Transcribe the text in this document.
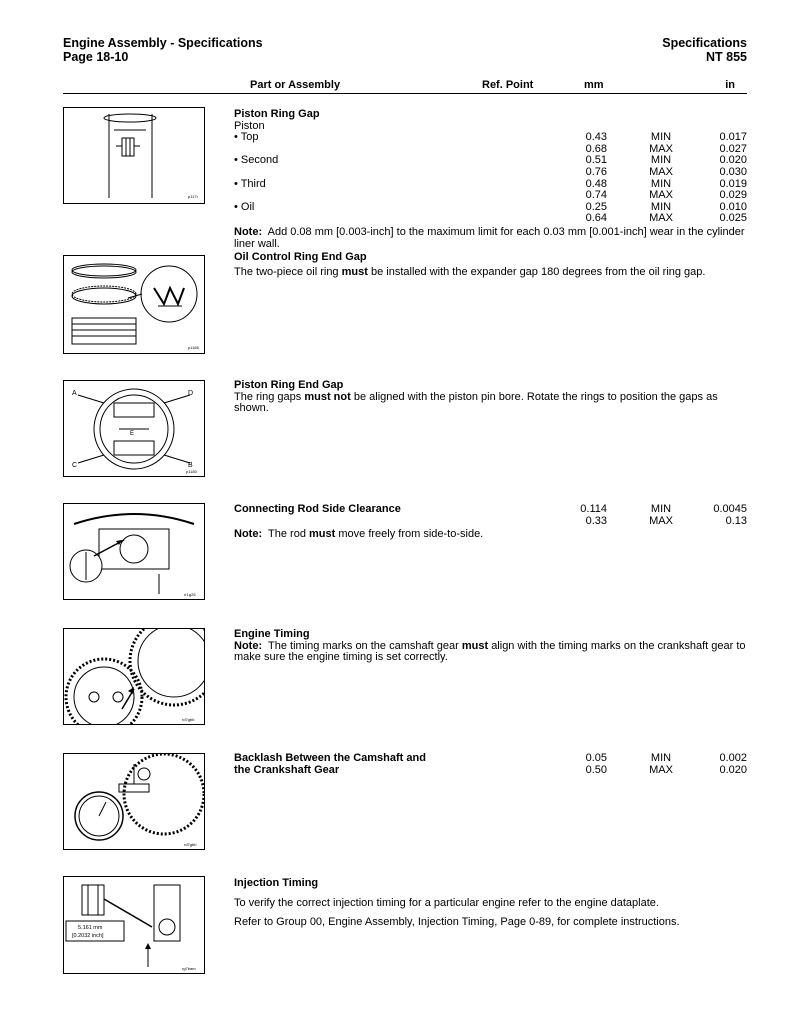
Engine Assembly - Specifications
Page 18-10
Specifications
NT 855
Part or Assembly	Ref. Point	mm	in
p117r
Piston Ring Gap
Piston
• Top	0.43	MIN	0.017
0.68	MAX	0.027
• Second	0.51	MIN	0.020
0.76	MAX	0.030
• Third	0.48	MIN	0.019
0.74	MAX	0.029
• Oil	0.25	MIN	0.010
0.64	MAX	0.025

Note: Add 0.08 mm [0.003-inch] to the maximum limit for each 0.03 mm [0.001-inch] wear in the cylinder liner wall.

Oil Control Ring End Gap

The two-piece oil ring must be installed with the expander gap 180 degrees from the oil ring gap.

p1166
A	D
C	B
E
p1180
Piston Ring End Gap

The ring gaps must not be aligned with the piston pin bore. Rotate the rings to position the gaps as shown.

rr1g26
Connecting Rod Side Clearance	0.114	MIN	0.0045
0.33	MAX	0.13

Note: The rod must move freely from side-to-side.

rd7gbb
Engine Timing

Note: The timing marks on the camshaft gear must align with the timing marks on the crankshaft gear to make sure the engine timing is set correctly.

rd7gbb
Backlash Between the Camshaft and	0.05	MIN	0.002
the Crankshaft Gear	0.50	MAX	0.020
5.161 mm
[0.2032 inch]
rg7bam
Injection Timing

To verify the correct injection timing for a particular engine refer to the engine dataplate.

Refer to Group 00, Engine Assembly, Injection Timing, Page 0-89, for complete instructions.
